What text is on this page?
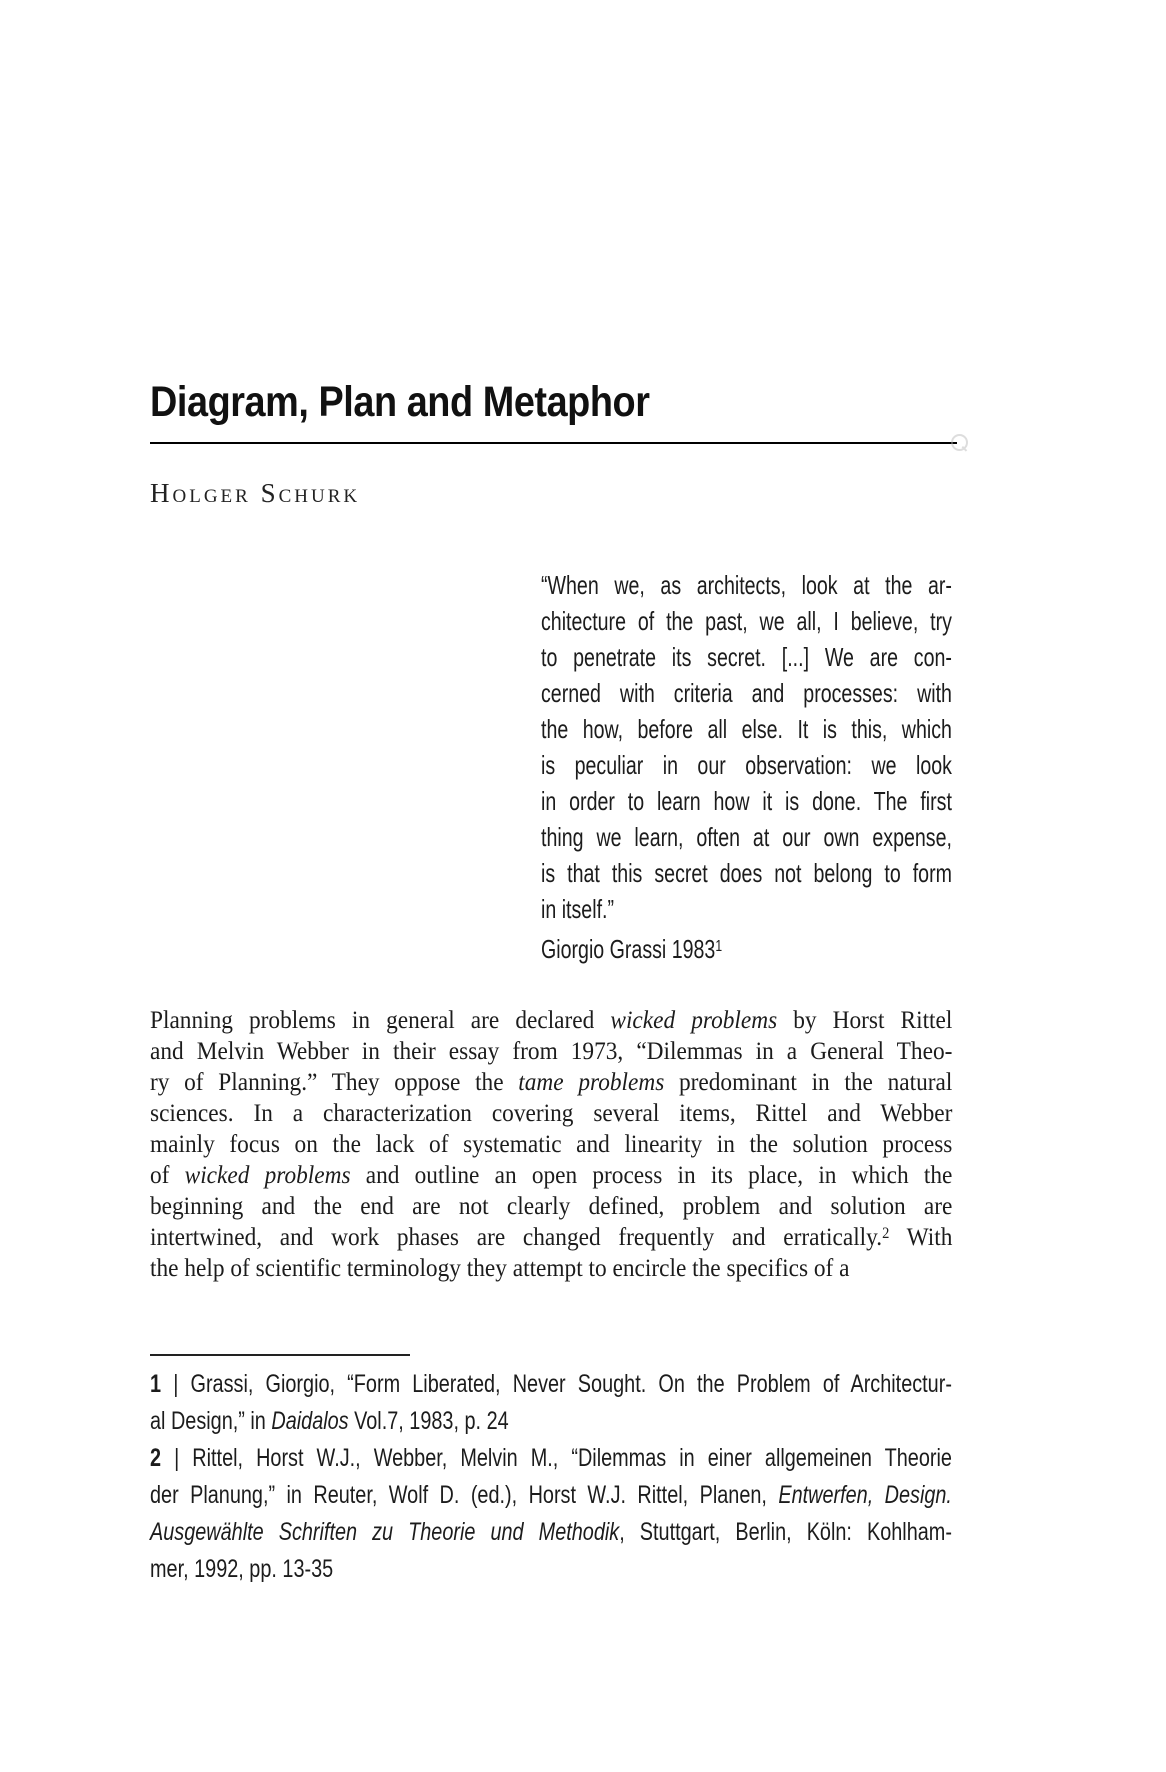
Diagram, Plan and Metaphor
Holger Schurk
“When we, as architects, look at the ar-
chitecture of the past, we all, I believe, try
to penetrate its secret. [...] We are con-
cerned with criteria and processes: with
the how, before all else. It is this, which
is peculiar in our observation: we look
in order to learn how it is done. The first
thing we learn, often at our own expense,
is that this secret does not belong to form
in itself.”
Giorgio Grassi 1983$^1$
Planning problems in general are declared wicked problems by Horst Rittel
and Melvin Webber in their essay from 1973, “Dilemmas in a General Theo-
ry of Planning.” They oppose the tame problems predominant in the natural
sciences. In a characterization covering several items, Rittel and Webber
mainly focus on the lack of systematic and linearity in the solution process
of wicked problems and outline an open process in its place, in which the
beginning and the end are not clearly defined, problem and solution are
intertwined, and work phases are changed frequently and erratically.$^2$ With
the help of scientific terminology they attempt to encircle the specifics of a
1 | Grassi, Giorgio, “Form Liberated, Never Sought. On the Problem of Architectur-
al Design,” in Daidalos Vol.7, 1983, p. 24
2 | Rittel, Horst W.J., Webber, Melvin M., “Dilemmas in einer allgemeinen Theorie
der Planung,” in Reuter, Wolf D. (ed.), Horst W.J. Rittel, Planen, Entwerfen, Design.
Ausgewählte Schriften zu Theorie und Methodik, Stuttgart, Berlin, Köln: Kohlham-
mer, 1992, pp. 13-35
